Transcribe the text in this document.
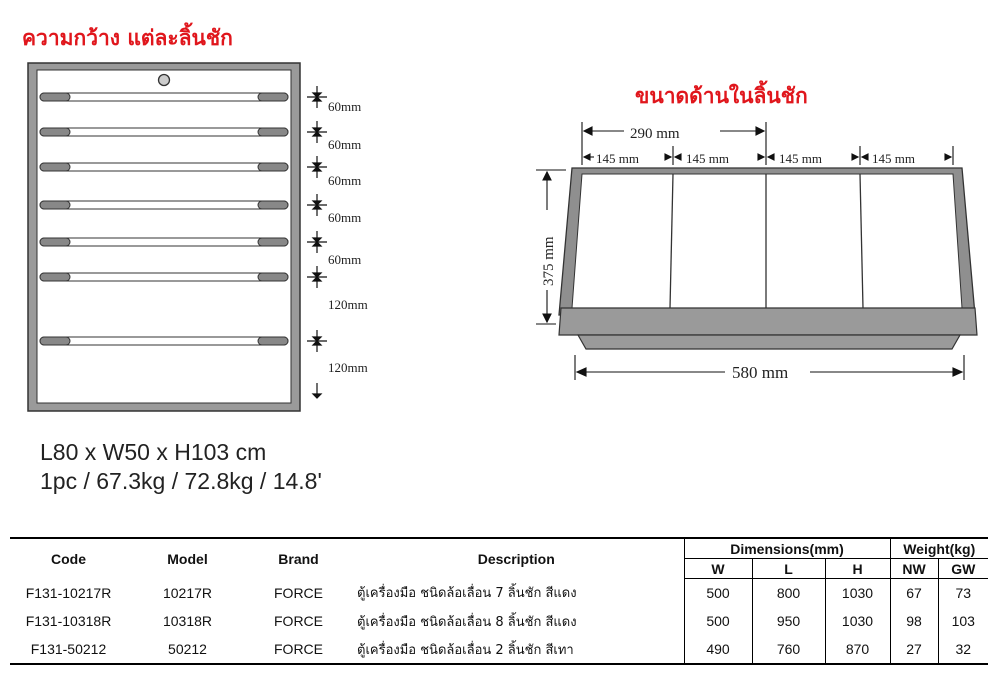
ความกว้าง แต่ละลิ้นชัก
ขนาดด้านในลิ้นชัก
60mm
60mm
60mm
60mm
60mm
120mm
120mm
290 mm
145 mm	145 mm	145 mm	145 mm
375 mm
580 mm
L80 x W50 x H103 cm
1pc / 67.3kg / 72.8kg / 14.8'
Code	Model	Brand	Description	Dimensions(mm)			Weight(kg)	
				W	L	H	NW	GW
F131-10217R	10217R	FORCE	ตู้เครื่องมือ ชนิดล้อเลื่อน 7 ลิ้นชัก สีแดง	500	800	1030	67	73
F131-10318R	10318R	FORCE	ตู้เครื่องมือ ชนิดล้อเลื่อน 8 ลิ้นชัก สีแดง	500	950	1030	98	103
F131-50212	50212	FORCE	ตู้เครื่องมือ ชนิดล้อเลื่อน 2 ลิ้นชัก สีเทา	490	760	870	27	32
